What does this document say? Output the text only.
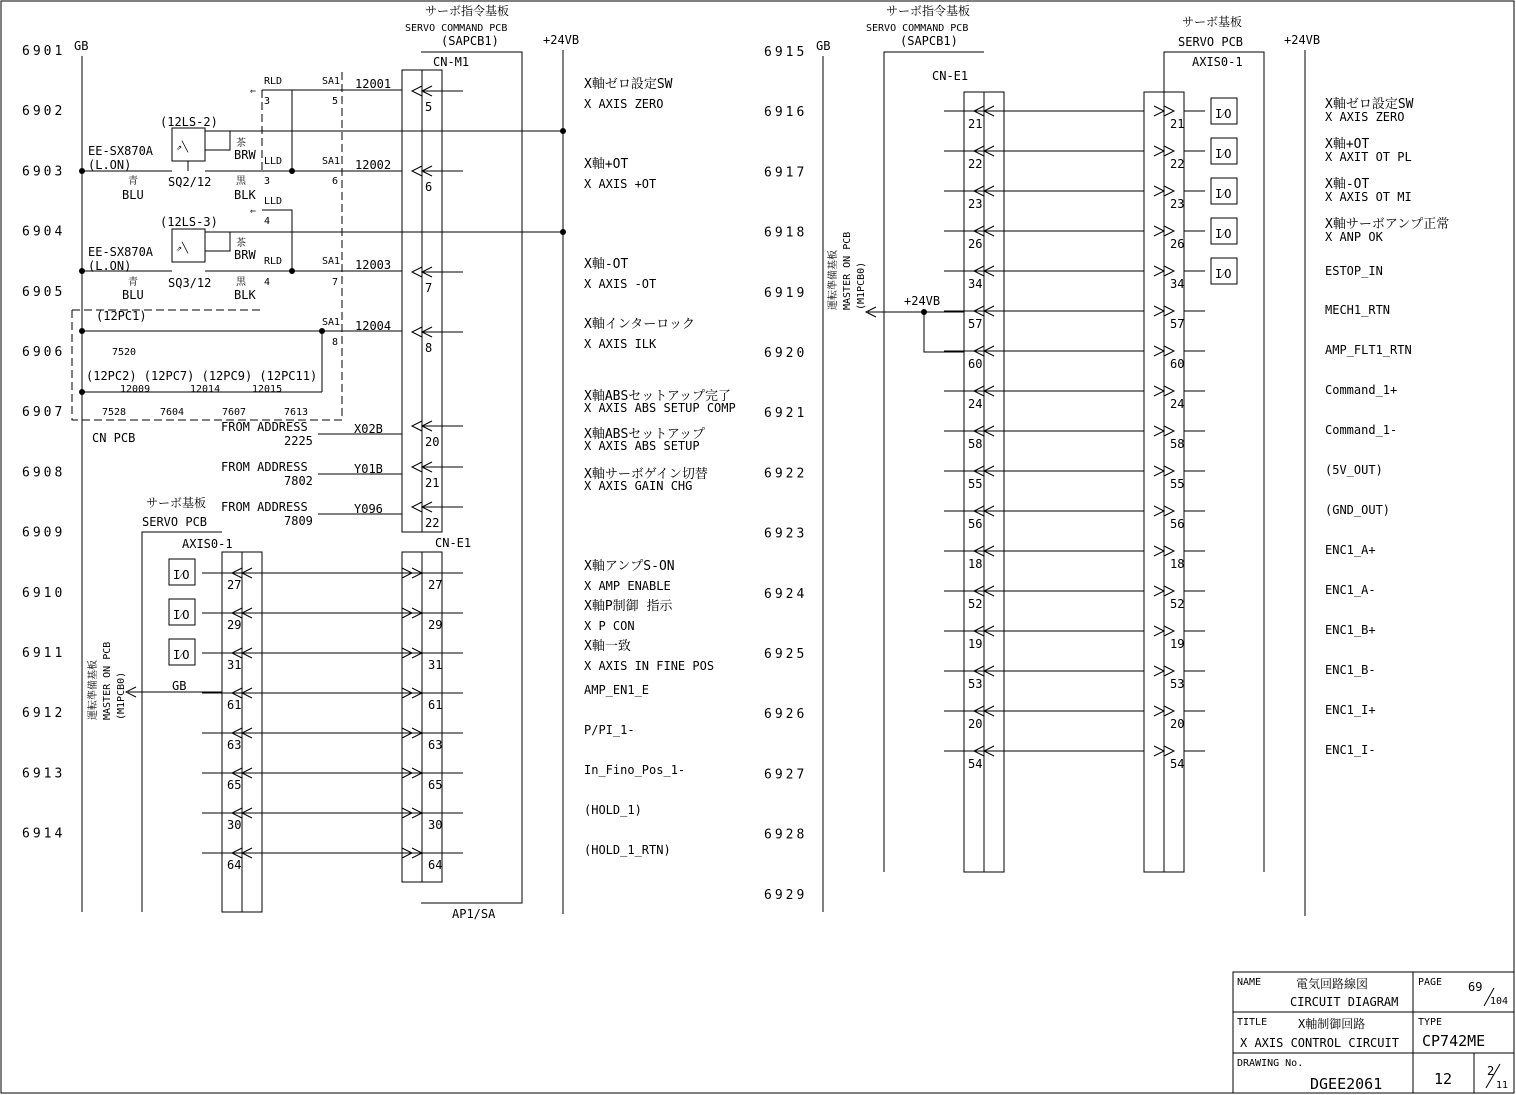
6901
6902
6903
6904
6905
6906
6907
6908
6909
6910
6911
6912
6913
6914
6915
6916
6917
6918
6919
6920
6921
6922
6923
6924
6925
6926
6927
6928
6929
GB	+24VB
サーボ指令基板
SERVO COMMAND PCB
(SAPCB1)
AP1/SA
CN-M1
CN-E1
5
6
7
8
20
21
22
(12LS-2)
⇗╲
EE-SX870A
(L.ON)
SQ2/12
茶
BRW
黒
BLK
青
BLU
(12LS-3)
⇗╲
EE-SX870A
(L.ON)
SQ3/12
茶
BRW
黒
BLK
青
BLU
RLD
3
⇐
LLD
3
⇐
LLD
4
RLD
4
SA1
5
SA1
6
SA1
7
SA1
8
12001
12002
12003
12004
(12PC1)
7520
(12PC2) (12PC7) (12PC9) (12PC11)
12009	12014	12015
7528	7604	7607	7613
CN PCB
FROM ADDRESS
2225
X02B
FROM ADDRESS
7802
Y01B
FROM ADDRESS
7809
Y096
サーボ基板
SERVO PCB
AXIS0-1
I⁄O
I⁄O
I⁄O
運転準備基板 MASTER ON PCB (M1PCB0)	GB
27	27
29	29
31	31
61	61
63	63
65	65
30	30
64	64
X軸ゼロ設定SW
X AXIS ZERO
X軸+OT
X AXIS +OT
X軸-OT
X AXIS -OT
X軸インターロック
X AXIS ILK
X軸ABSセットアップ完了
X AXIS ABS SETUP COMP
X軸ABSセットアップ
X AXIS ABS SETUP
X軸サーボゲイン切替
X AXIS GAIN CHG
X軸アンプS-ON
X AMP ENABLE
X軸P制御 指示
X P CON
X軸一致
X AXIS IN FINE POS
AMP_EN1_E
P/PI_1-
In_Fino_Pos_1-
(HOLD_1)
(HOLD_1_RTN)
GB	+24VB
サーボ指令基板
SERVO COMMAND PCB
(SAPCB1)
CN-E1
サーボ基板
SERVO PCB
AXIS0-1
運転準備基板 MASTER ON PCB (M1PCB0)	+24VB
21	21
22	22
23	23
26	26
34	34
57	57
60	60
24	24
58	58
55	55
56	56
18	18
52	52
19	19
53	53
20	20
54	54
I⁄O
I⁄O
I⁄O
I⁄O
I⁄O
X軸ゼロ設定SW
X AXIS ZERO
X軸+OT
X AXIT OT PL
X軸-OT
X AXIS OT MI
X軸サーボアンプ正常
X ANP OK
ESTOP_IN
MECH1_RTN
AMP_FLT1_RTN
Command_1+
Command_1-
(5V_OUT)
(GND_OUT)
ENC1_A+
ENC1_A-
ENC1_B+
ENC1_B-
ENC1_I+
ENC1_I-
NAME	電気回路線図
CIRCUIT DIAGRAM
PAGE 69
104
TITLE	X軸制御回路
X AXIS CONTROL CIRCUIT
TYPE
CP742ME
DRAWING No.
DGEE2061	12	2
11
